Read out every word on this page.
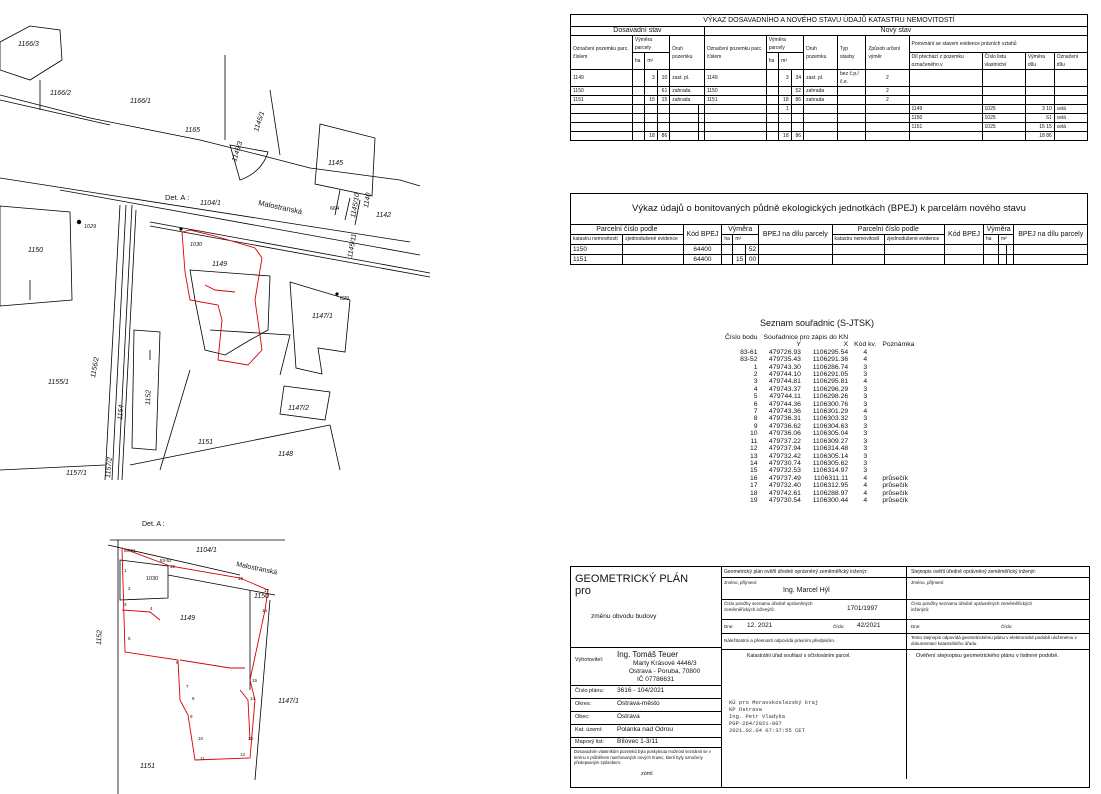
1166/3
1166/2
1166/1
1165
1145/3
1145/1
1145
1145/10 1142
1140
1104/1
1029
1150
1149
1030
1147/1
1147/2
1155/1
1156/2
1154
1152
1151
1148
1157/1	1157/2
1145/11
Det. A :
Malostranská	664
629
Det. A :
1104/1
Malostranská
1030
1149
1150
1147/1
1152
1151
83-61
83-52
1
2
3
4
5
6
7
8
9
10
11
12
13
14
15
16
17
18
19
VÝKAZ DOSAVADNÍHO A NOVÉHO STAVU ÚDAJŮ KATASTRU NEMOVITOSTÍ																
Dosavadní stav						Nový stav										
Označení pozemku parc. číslem	Výměra parcely			Druh pozemku		Označení pozemku parc. číslem	Výměra parcely			Druh pozemku	Typ stavby	Způsob určení výměr	Porovnání se stavem evidence právních vztahů			
	ha	m²					ha	m²					Díl přechází z pozemku označeného v	Číslo listu vlastnictví	Výměra dílu	Označení dílu
1149		3	10	zast. pl.		1149		3	34	zast. pl.	bez č.p./č.e.	2				
1150			61	zahrada		1150			52	zahrada		2				
1151		15	15	zahrada		1151		18	86	zahrada		2				
								1					1149	1025	3 10	celá
													1150	1025	61	celá
													1151	1025	15 15	celá
		18	86					18	86						18 86	
Výkaz údajů o bonitovaných půdně ekologických jednotkách (BPEJ) k parcelám nového stavu													
Parcelní číslo podle		Kód BPEJ	Výměra			BPEJ na dílu parcely	Parcelní číslo podle		Kód BPEJ	Výměra			BPEJ na dílu parcely
katastru nemovitostí	zjednodušené evidence		ha	m²			katastru nemovitostí	zjednodušené evidence		ha	m²		
1150		64400			52								
1151		64400		15	00								
Seznam souřadnic (S-JTSK)
Číslo bodu	Souřadnice pro zápis do KN			
	Y	X	Kód kv.	Poznámka
83-61	479726.93	1106295.54	4	
83-52	479735.43	1106291.36	4	
1	479743.30	1106286.74	3	
2	479744.10	1106291.05	3	
3	479744.81	1106295.81	4	
4	479743.37	1106296.29	3	
5	479744.11	1106298.26	3	
6	479744.36	1106300.76	3	
7	479743.36	1106301.29	4	
8	479736.31	1106303.32	3	
9	479736.62	1106304.63	3	
10	479736.06	1106305.04	3	
11	479737.22	1106309.27	3	
12	479737.94	1106314.48	3	
13	479732.42	1106305.14	3	
14	479730.74	1106305.62	3	
15	479732.53	1106314.97	3	
16	479737.49	1106311.11	4	průsečík
17	479732.40	1106312.95	4	průsečík
18	479742.61	1106288.97	4	průsečík
19	479730.54	1106300.44	4	průsečík
GEOMETRICKÝ PLÁN
pro
změnu obvodu budovy
Vyhotovitel:
Ing. Tomáš Teuer
Marty Krásové 4446/3
Ostrava - Poruba, 70800
IČ 07786631
Číslo plánu: 3616 - 104/2021
Okres:	Ostrava-město
Obec:	Ostrava
Kat. území: Polanka nad Odrou
Mapový list: Bílovec 1-3/11
Dosavadním vlastníkům pozemků byla poskytnuta možnost seznámit se v terénu s průběhem navrhovaných nových hranic, které byly označeny předepsaným způsobem:
zóml
Geometrický plán ověřil úředně oprávněný zeměměřický inženýr:
Jméno, příjmení:
Ing. Marcel Hýl
Číslo položky seznamu úředně oprávněných zeměměřických inženýrů:	1701/1997
Dne: 12. 2021	Číslo: 42/2021
Náležitostmi a přesností odpovídá právním předpisům.
Katastrální úřad souhlasí s očíslováním parcel.
Stejnopis ověřil úředně oprávněný zeměměřický inženýr:
Jméno, příjmení:
Číslo položky seznamu úředně oprávněných zeměměřických inženýrů:
Dne:	Číslo:
Tento stejnopis odpovídá geometrickému plánu v elektronické podobě uloženému v dokumentaci katastrálního úřadu.
Ověření stejnopisu geometrického plánu v listinné podobě.
KÚ pro Moravskoslezský kraj
KP Ostrava
Ing. Petr Vladyka
PGP-264/2021-807
2021.02.04 07:37:55 CET
